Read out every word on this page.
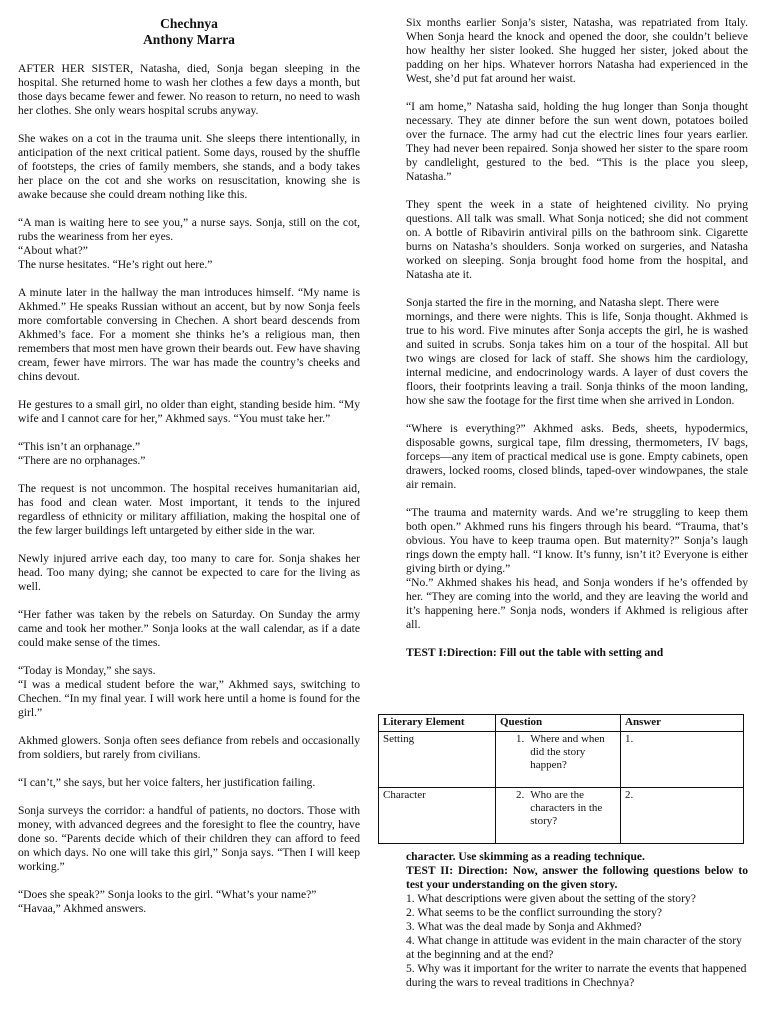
Chechnya
Anthony Marra

AFTER HER SISTER, Natasha, died, Sonja began sleeping in the hospital. She returned home to wash her clothes a few days a month, but those days became fewer and fewer. No reason to return, no need to wash her clothes. She only wears hospital scrubs anyway.

She wakes on a cot in the trauma unit. She sleeps there intentionally, in anticipation of the next critical patient. Some days, roused by the shuffle of footsteps, the cries of family members, she stands, and a body takes her place on the cot and she works on resuscitation, knowing she is awake because she could dream nothing like this.

“A man is waiting here to see you,” a nurse says. Sonja, still on the cot, rubs the weariness from her eyes.
“About what?”
The nurse hesitates. “He’s right out here.”

A minute later in the hallway the man introduces himself. “My name is Akhmed.” He speaks Russian without an accent, but by now Sonja feels more comfortable conversing in Chechen. A short beard descends from Akhmed’s face. For a moment she thinks he’s a religious man, then remembers that most men have grown their beards out. Few have shaving cream, fewer have mirrors. The war has made the country’s cheeks and chins devout.

He gestures to a small girl, no older than eight, standing beside him. “My wife and I cannot care for her,” Akhmed says. “You must take her.”

“This isn’t an orphanage.”
“There are no orphanages.”

The request is not uncommon. The hospital receives humanitarian aid, has food and clean water. Most important, it tends to the injured regardless of ethnicity or military affiliation, making the hospital one of the few larger buildings left untargeted by either side in the war.

Newly injured arrive each day, too many to care for. Sonja shakes her head. Too many dying; she cannot be expected to care for the living as well.

“Her father was taken by the rebels on Saturday. On Sunday the army came and took her mother.” Sonja looks at the wall calendar, as if a date could make sense of the times.

“Today is Monday,” she says.
“I was a medical student before the war,” Akhmed says, switching to Chechen. “In my final year. I will work here until a home is found for the girl.”

Akhmed glowers. Sonja often sees defiance from rebels and occasionally from soldiers, but rarely from civilians.

“I can’t,” she says, but her voice falters, her justification failing.

Sonja surveys the corridor: a handful of patients, no doctors. Those with money, with advanced degrees and the foresight to flee the country, have done so. “Parents decide which of their children they can afford to feed on which days. No one will take this girl,” Sonja says. “Then I will keep working.”

“Does she speak?” Sonja looks to the girl. “What’s your name?”
“Havaa,” Akhmed answers.

Six months earlier Sonja’s sister, Natasha, was repatriated from Italy. When Sonja heard the knock and opened the door, she couldn’t believe how healthy her sister looked. She hugged her sister, joked about the padding on her hips. Whatever horrors Natasha had experienced in the West, she’d put fat around her waist.

“I am home,” Natasha said, holding the hug longer than Sonja thought necessary. They ate dinner before the sun went down, potatoes boiled over the furnace. The army had cut the electric lines four years earlier. They had never been repaired. Sonja showed her sister to the spare room by candlelight, gestured to the bed. “This is the place you sleep, Natasha.”

They spent the week in a state of heightened civility. No prying questions. All talk was small. What Sonja noticed; she did not comment on. A bottle of Ribavirin antiviral pills on the bathroom sink. Cigarette burns on Natasha’s shoulders. Sonja worked on surgeries, and Natasha worked on sleeping. Sonja brought food home from the hospital, and Natasha ate it.

Sonja started the fire in the morning, and Natasha slept. There were

mornings, and there were nights. This is life, Sonja thought. Akhmed is true to his word. Five minutes after Sonja accepts the girl, he is washed and suited in scrubs. Sonja takes him on a tour of the hospital. All but two wings are closed for lack of staff. She shows him the cardiology, internal medicine, and endocrinology wards. A layer of dust covers the floors, their footprints leaving a trail. Sonja thinks of the moon landing, how she saw the footage for the first time when she arrived in London.

“Where is everything?” Akhmed asks. Beds, sheets, hypodermics, disposable gowns, surgical tape, film dressing, thermometers, IV bags, forceps—any item of practical medical use is gone. Empty cabinets, open drawers, locked rooms, closed blinds, taped-over windowpanes, the stale air remain.

“The trauma and maternity wards. And we’re struggling to keep them both open.” Akhmed runs his fingers through his beard. “Trauma, that’s obvious. You have to keep trauma open. But maternity?” Sonja’s laugh rings down the empty hall. “I know. It’s funny, isn’t it? Everyone is either giving birth or dying.”

“No.” Akhmed shakes his head, and Sonja wonders if he’s offended by her. “They are coming into the world, and they are leaving the world and it’s happening here.” Sonja nods, wonders if Akhmed is religious after all.

TEST I:Direction: Fill out the table with setting and
Literary Element	Question	Answer
Setting	1. Where and when did the story happen?	1.
Character	2. Who are the characters in the story?	2.
character. Use skimming as a reading technique.
TEST II: Direction: Now, answer the following questions below to test your understanding on the given story.
1. What descriptions were given about the setting of the story?
2. What seems to be the conflict surrounding the story?
3. What was the deal made by Sonja and Akhmed?
4. What change in attitude was evident in the main character of the story at the beginning and at the end?
5. Why was it important for the writer to narrate the events that happened during the wars to reveal traditions in Chechnya?
